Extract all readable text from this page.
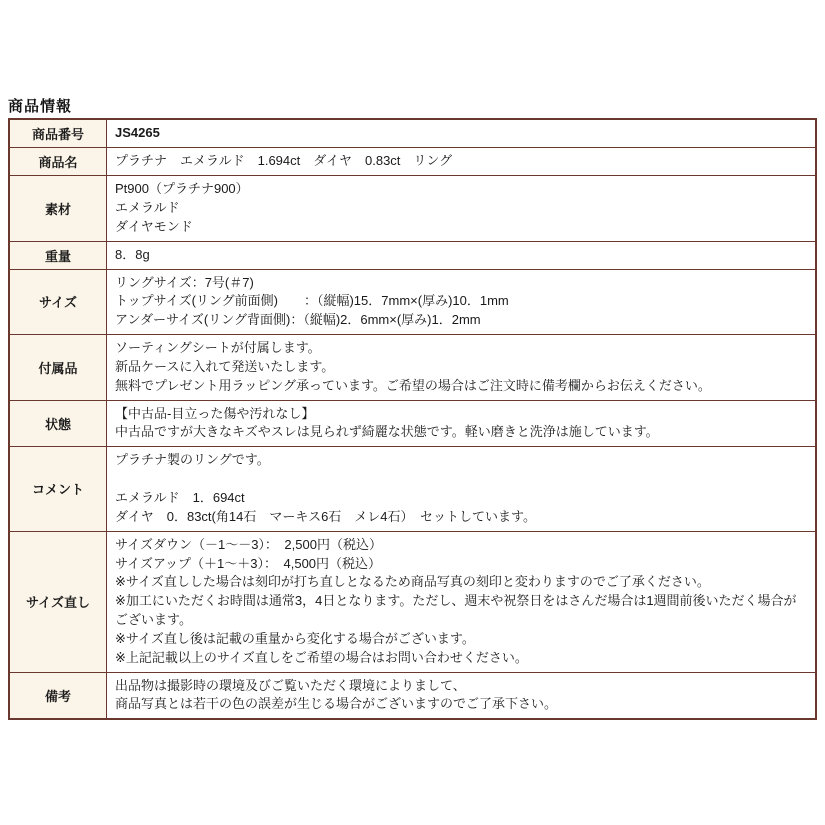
商品情報
商品番号	JS4265

商品名	プラチナ　エメラルド　1.694ct　ダイヤ　0.83ct　リング

素材	Pt900（プラチナ900）
エメラルド
ダイヤモンド

重量	8．8g

サイズ	リングサイズ：7号(＃7)
トップサイズ(リング前面側)　　：（縦幅)15．7mm×(厚み)10．1mm
アンダーサイズ(リング背面側)：（縦幅)2．6mm×(厚み)1．2mm

付属品	ソーティングシートが付属します。
新品ケースに入れて発送いたします。
無料でプレゼント用ラッピング承っています。ご希望の場合はご注文時に備考欄からお伝えください。

状態	【中古品-目立った傷や汚れなし】
中古品ですが大きなキズやスレは見られず綺麗な状態です。軽い磨きと洗浄は施しています。

コメント	プラチナ製のリングです。
エメラルド　1．694ct
ダイヤ　0．83ct(角14石　マーキス6石　メレ4石）　セットしています。

サイズ直し	
サイズダウン（－1～－3）：　2,500円（税込）
サイズアップ（＋1～＋3）：　4,500円（税込）
※サイズ直しした場合は刻印が打ち直しとなるため商品写真の刻印と変わりますのでご了承ください。
※加工にいただくお時間は通常3，4日となります。ただし、週末や祝祭日をはさんだ場合は1週間前後いただく場合がございます。
※サイズ直し後は記載の重量から変化する場合がございます。
※上記記載以上のサイズ直しをご希望の場合はお問い合わせください。

備考	出品物は撮影時の環境及びご覧いただく環境によりまして、
商品写真とは若干の色の誤差が生じる場合がございますのでご了承下さい。
